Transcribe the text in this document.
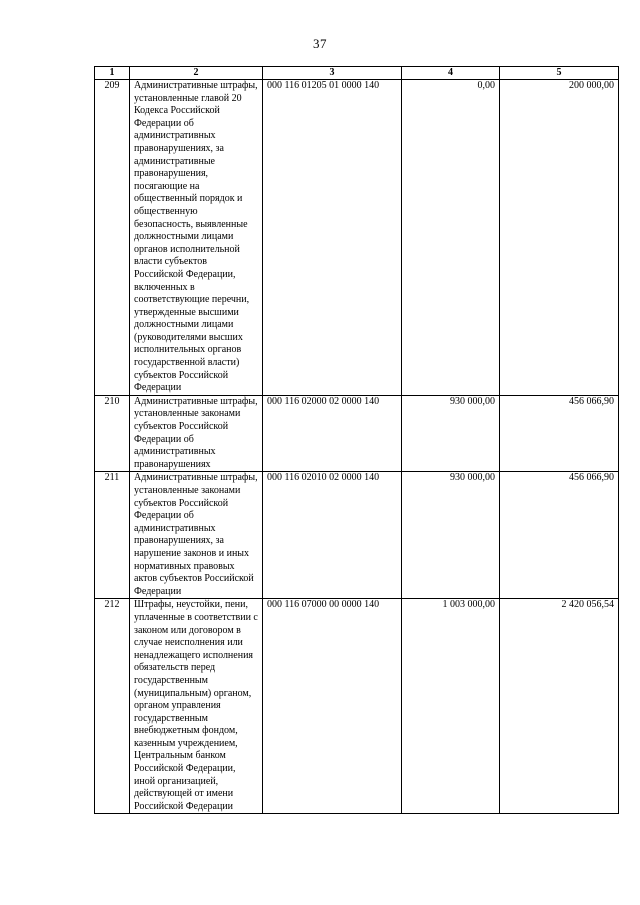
37
1	2	3	4	5
209	Административные штрафы, установленные главой 20 Кодекса Российской Федерации об административных правонарушениях, за административные правонарушения, посягающие на общественный порядок и общественную безопасность, выявленные должностными лицами органов исполнительной власти субъектов Российской Федерации, включенных в соответствующие перечни, утвержденные высшими должностными лицами (руководителями высших исполнительных органов государственной власти) субъектов Российской Федерации	000 116 01205 01 0000 140	0,00	200 000,00
210	Административные штрафы, установленные законами субъектов Российской Федерации об административных правонарушениях	000 116 02000 02 0000 140	930 000,00	456 066,90
211	Административные штрафы, установленные законами субъектов Российской Федерации об административных правонарушениях, за нарушение законов и иных нормативных правовых актов субъектов Российской Федерации	000 116 02010 02 0000 140	930 000,00	456 066,90
212	Штрафы, неустойки, пени, уплаченные в соответствии с законом или договором в случае неисполнения или ненадлежащего исполнения обязательств перед государственным (муниципальным) органом, органом управления государственным внебюджетным фондом, казенным учреждением, Центральным банком Российской Федерации, иной организацией, действующей от имени Российской Федерации	000 116 07000 00 0000 140	1 003 000,00	2 420 056,54
